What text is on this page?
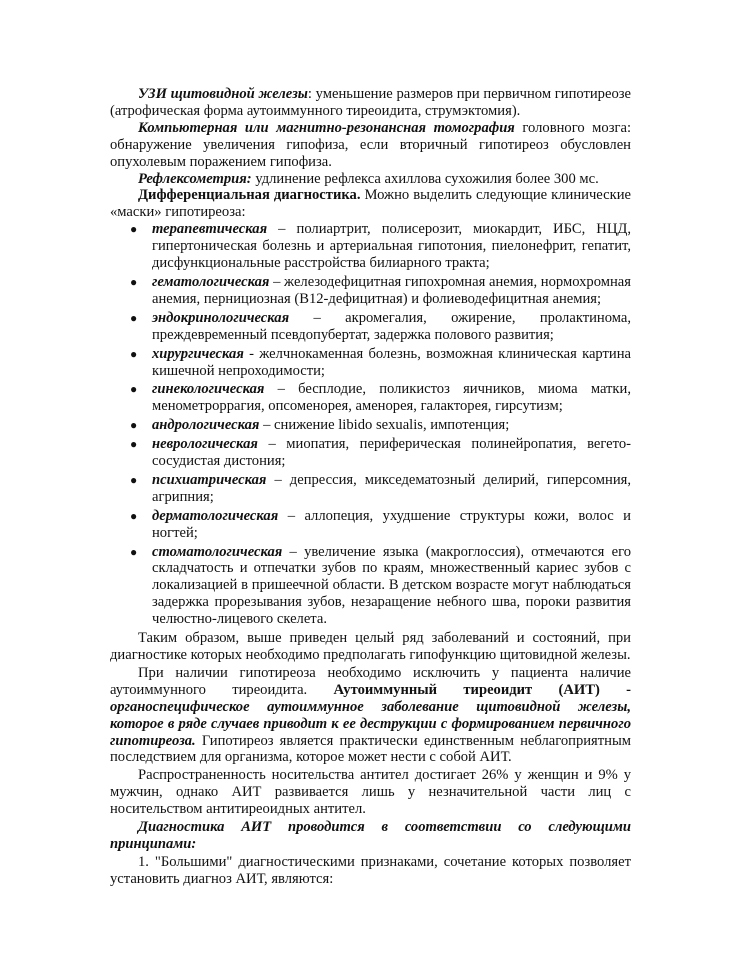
УЗИ щитовидной железы: уменьшение размеров при первичном гипотиреозе (атрофическая форма аутоиммунного тиреоидита, струмэктомия).

Компьютерная или магнитно-резонансная томография головного мозга: обнаружение увеличения гипофиза, если вторичный гипотиреоз обусловлен опухолевым поражением гипофиза.

Рефлексометрия: удлинение рефлекса ахиллова сухожилия более 300 мс.

Дифференциальная диагностика. Можно выделить следующие клинические «маски» гипотиреоза:

● терапевтическая – полиартрит, полисерозит, миокардит, ИБС, НЦД, гипертоническая болезнь и артериальная гипотония, пиелонефрит, гепатит, дисфункциональные расстройства билиарного тракта;
● гематологическая – железодефицитная гипохромная анемия, нормохромная анемия, пернициозная (В12-дефицитная) и фолиеводефицитная анемия;
● эндокринологическая – акромегалия, ожирение, пролактинома, преждевременный псевдопубертат, задержка полового развития;
● хирургическая - желчнокаменная болезнь, возможная клиническая картина кишечной непроходимости;
● гинекологическая – бесплодие, поликистоз яичников, миома матки, менометроррагия, опсоменорея, аменорея, галакторея, гирсутизм;
● андрологическая – снижение libido sexualis, импотенция;
● неврологическая – миопатия, периферическая полинейропатия, вегето-сосудистая дистония;
● психиатрическая – депрессия, микседематозный делирий, гиперсомния, агрипния;
● дерматологическая – аллопеция, ухудшение структуры кожи, волос и ногтей;
● стоматологическая – увеличение языка (макроглоссия), отмечаются его складчатость и отпечатки зубов по краям, множественный кариес зубов с локализацией в пришеечной области. В детском возрасте могут наблюдаться задержка прорезывания зубов, незаращение небного шва, пороки развития челюстно-лицевого скелета.

Таким образом, выше приведен целый ряд заболеваний и состояний, при диагностике которых необходимо предполагать гипофункцию щитовидной железы.

При наличии гипотиреоза необходимо исключить у пациента наличие аутоиммунного тиреоидита. Аутоиммунный тиреоидит (АИТ) - органоспецифическое аутоиммунное заболевание щитовидной железы, которое в ряде случаев приводит к ее деструкции с формированием первичного гипотиреоза. Гипотиреоз является практически единственным неблагоприятным последствием для организма, которое может нести с собой АИТ.

Распространенность носительства антител достигает 26% у женщин и 9% у мужчин, однако АИТ развивается лишь у незначительной части лиц с носительством антитиреоидных антител.

Диагностика АИТ проводится в соответствии со следующими принципами:

1. "Большими" диагностическими признаками, сочетание которых позволяет установить диагноз АИТ, являются:
